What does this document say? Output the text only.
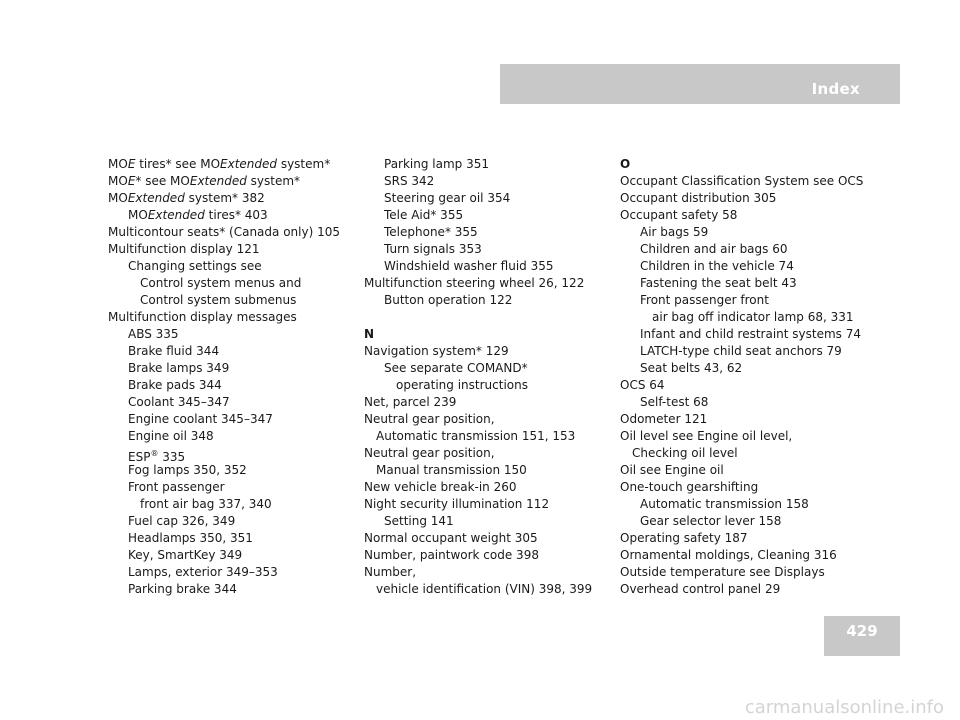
Index
MOE tires* see MOExtended system*
MOE* see MOExtended system*
MOExtended system* 382
MOExtended tires* 403
Multicontour seats* (Canada only) 105
Multifunction display 121
Changing settings see
Control system menus and
Control system submenus
Multifunction display messages
ABS 335
Brake fluid 344
Brake lamps 349
Brake pads 344
Coolant 345–347
Engine coolant 345–347
Engine oil 348
ESP® 335
Fog lamps 350, 352
Front passenger
front air bag 337, 340
Fuel cap 326, 349
Headlamps 350, 351
Key, SmartKey 349
Lamps, exterior 349–353
Parking brake 344
Parking lamp 351
SRS 342
Steering gear oil 354
Tele Aid* 355
Telephone* 355
Turn signals 353
Windshield washer fluid 355
Multifunction steering wheel 26, 122
Button operation 122
N
Navigation system* 129
See separate COMAND*
operating instructions
Net, parcel 239
Neutral gear position,
Automatic transmission 151, 153
Neutral gear position,
Manual transmission 150
New vehicle break-in 260
Night security illumination 112
Setting 141
Normal occupant weight 305
Number, paintwork code 398
Number,
vehicle identification (VIN) 398, 399
O
Occupant Classification System see OCS
Occupant distribution 305
Occupant safety 58
Air bags 59
Children and air bags 60
Children in the vehicle 74
Fastening the seat belt 43
Front passenger front
air bag off indicator lamp 68, 331
Infant and child restraint systems 74
LATCH-type child seat anchors 79
Seat belts 43, 62
OCS 64
Self-test 68
Odometer 121
Oil level see Engine oil level,
Checking oil level
Oil see Engine oil
One-touch gearshifting
Automatic transmission 158
Gear selector lever 158
Operating safety 187
Ornamental moldings, Cleaning 316
Outside temperature see Displays
Overhead control panel 29
429
carmanualsonline.info
